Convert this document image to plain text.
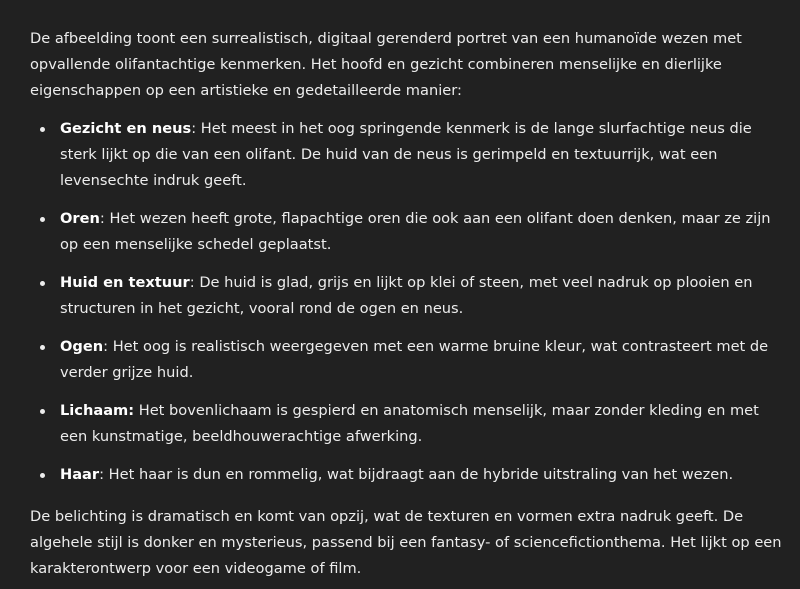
De afbeelding toont een surrealistisch, digitaal gerenderd portret van een humanoïde wezen met opvallende olifantachtige kenmerken. Het hoofd en gezicht combineren menselijke en dierlijke eigenschappen op een artistieke en gedetailleerde manier:

Gezicht en neus: Het meest in het oog springende kenmerk is de lange slurfachtige neus die sterk lijkt op die van een olifant. De huid van de neus is gerimpeld en textuurrijk, wat een levensechte indruk geeft.
Oren: Het wezen heeft grote, flapachtige oren die ook aan een olifant doen denken, maar ze zijn op een menselijke schedel geplaatst.
Huid en textuur: De huid is glad, grijs en lijkt op klei of steen, met veel nadruk op plooien en structuren in het gezicht, vooral rond de ogen en neus.
Ogen: Het oog is realistisch weergegeven met een warme bruine kleur, wat contrasteert met de verder grijze huid.
Lichaam: Het bovenlichaam is gespierd en anatomisch menselijk, maar zonder kleding en met een kunstmatige, beeldhouwerachtige afwerking.
Haar: Het haar is dun en rommelig, wat bijdraagt aan de hybride uitstraling van het wezen.

De belichting is dramatisch en komt van opzij, wat de texturen en vormen extra nadruk geeft. De algehele stijl is donker en mysterieus, passend bij een fantasy- of sciencefictionthema. Het lijkt op een karakterontwerp voor een videogame of film.
